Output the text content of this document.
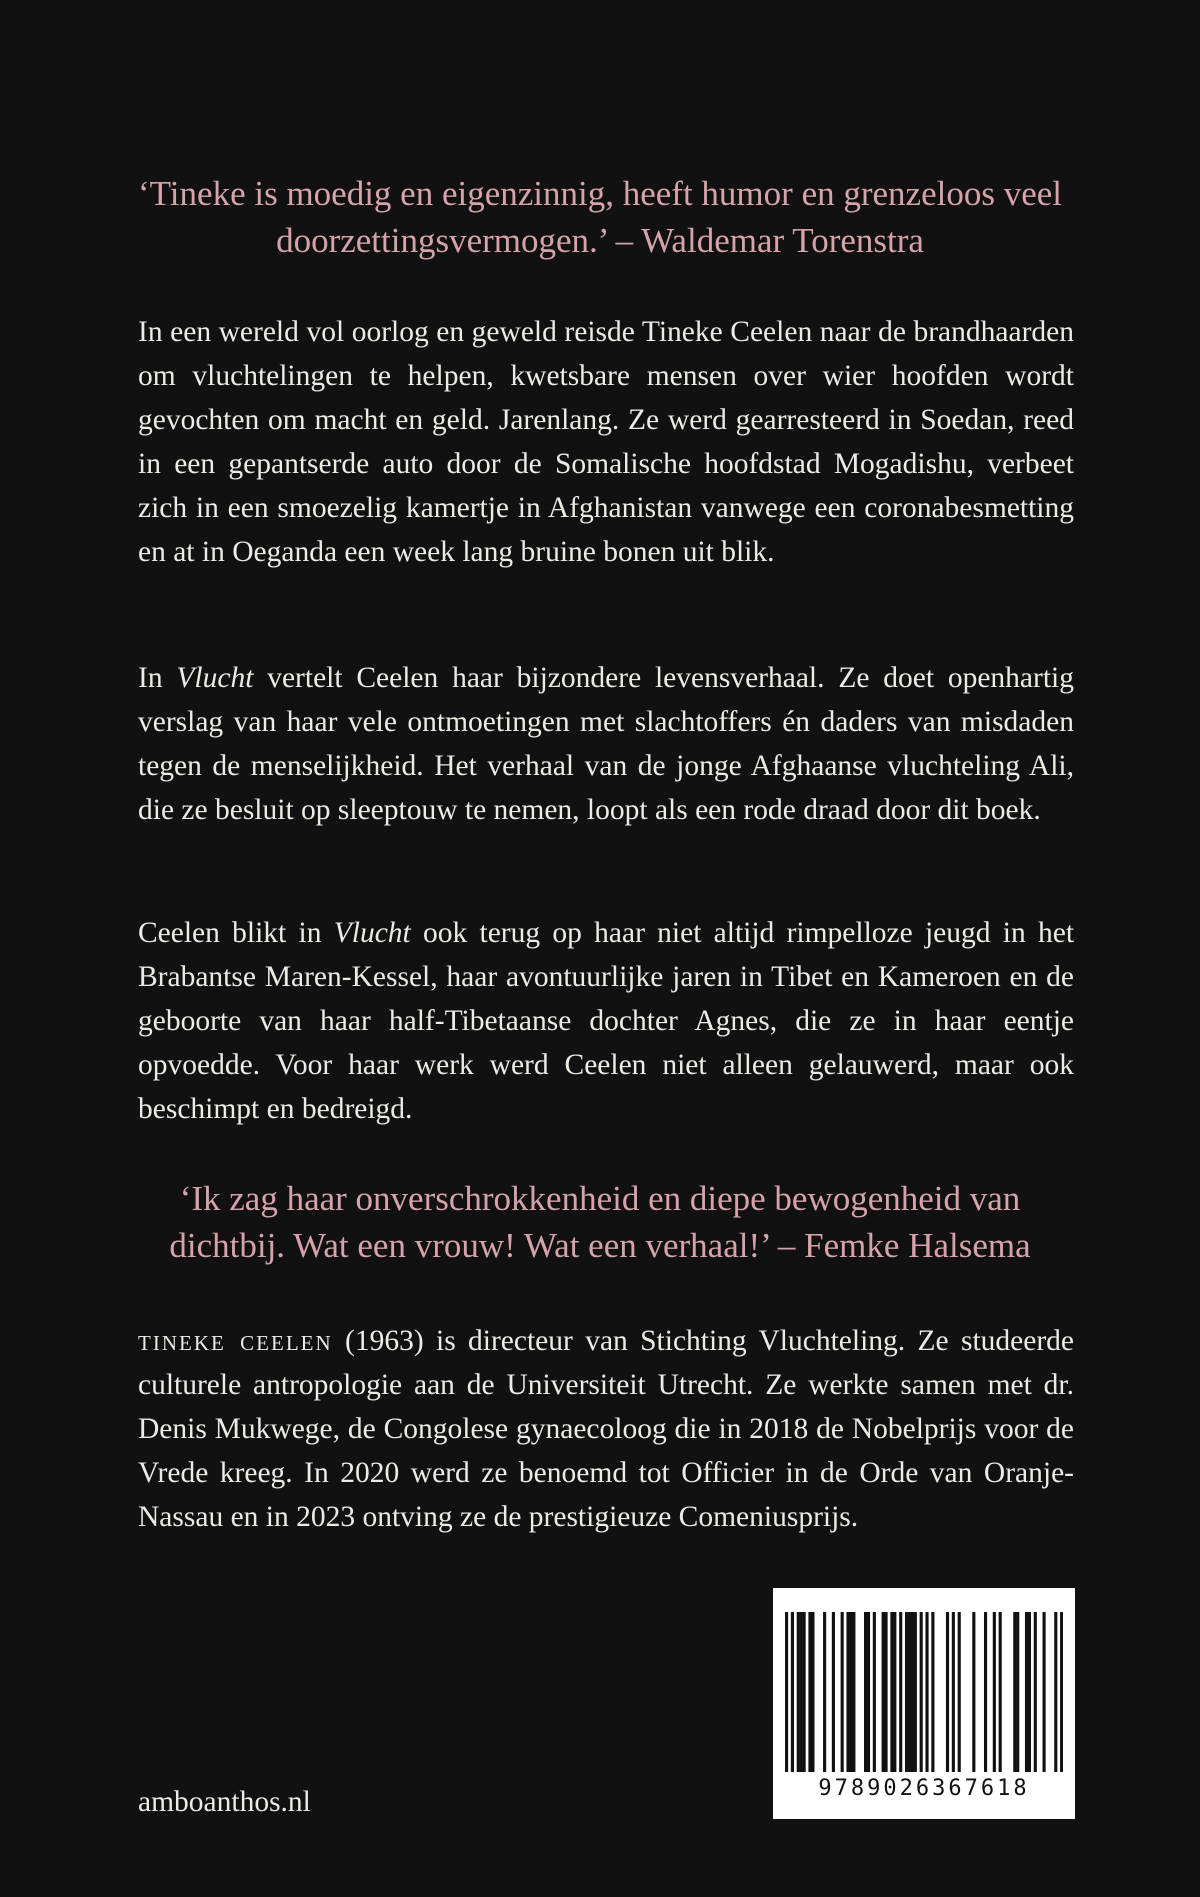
‘Tineke is moedig en eigenzinnig, heeft humor en grenzeloos veel doorzettingsvermogen.’ – Waldemar Torenstra

In een wereld vol oorlog en geweld reisde Tineke Ceelen naar de brandhaarden om vluchtelingen te helpen, kwetsbare mensen over wier hoofden wordt gevochten om macht en geld. Jarenlang. Ze werd gearresteerd in Soedan, reed in een gepantserde auto door de Somalische hoofdstad Mogadishu, verbeet zich in een smoezelig kamertje in Afghanistan vanwege een coronabesmetting en at in Oeganda een week lang bruine bonen uit blik.

In Vlucht vertelt Ceelen haar bijzondere levensverhaal. Ze doet openhartig verslag van haar vele ontmoetingen met slachtoffers én daders van misdaden tegen de menselijkheid. Het verhaal van de jonge Afghaanse vluchteling Ali, die ze besluit op sleeptouw te nemen, loopt als een rode draad door dit boek.

Ceelen blikt in Vlucht ook terug op haar niet altijd rimpelloze jeugd in het Brabantse Maren-Kessel, haar avontuurlijke jaren in Tibet en Kameroen en de geboorte van haar half-Tibetaanse dochter Agnes, die ze in haar eentje opvoedde. Voor haar werk werd Ceelen niet alleen gelauwerd, maar ook beschimpt en bedreigd.

‘Ik zag haar onverschrokkenheid en diepe bewogenheid van dichtbij. Wat een vrouw! Wat een verhaal!’ – Femke Halsema

tineke ceelen (1963) is directeur van Stichting Vluchteling. Ze studeerde culturele antropologie aan de Universiteit Utrecht. Ze werkte samen met dr. Denis Mukwege, de Congolese gynaecoloog die in 2018 de Nobelprijs voor de Vrede kreeg. In 2020 werd ze benoemd tot Officier in de Orde van Oranje-Nassau en in 2023 ontving ze de prestigieuze Comeniusprijs.

amboanthos.nl	9789026367618
